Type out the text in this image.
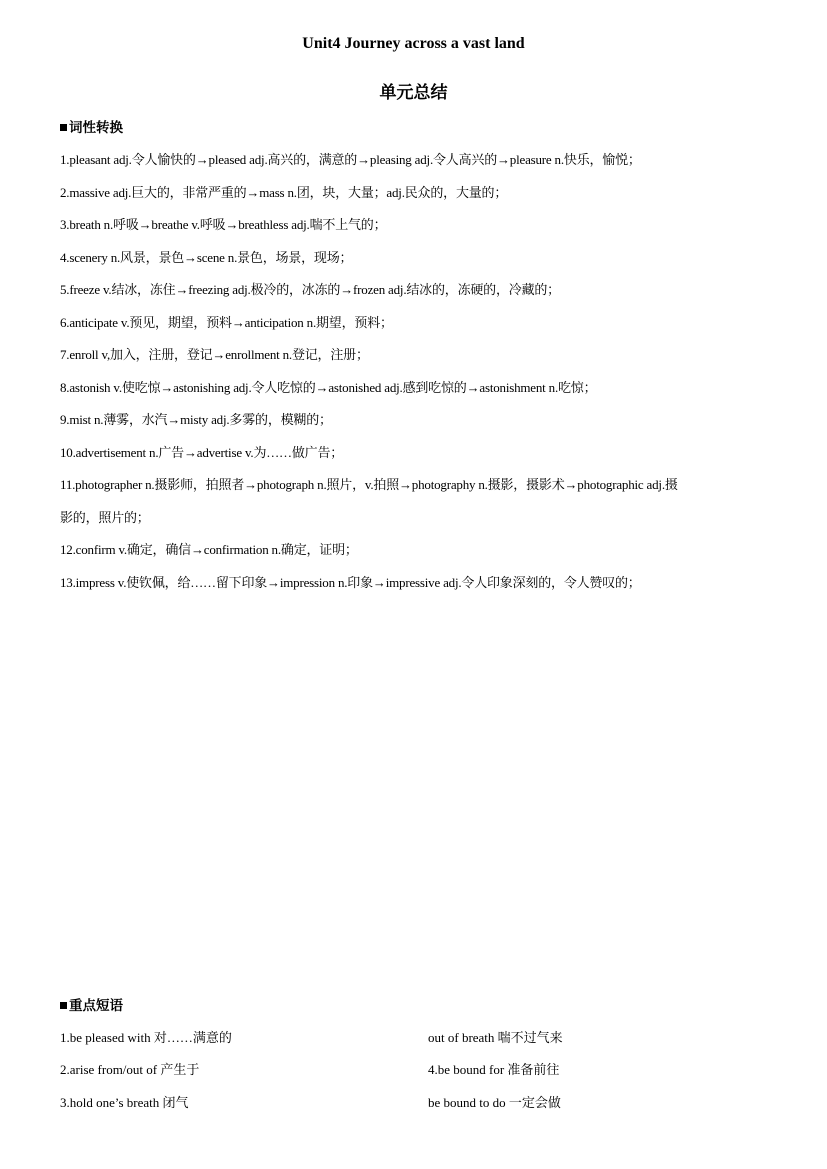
Unit4 Journey across a vast land
单元总结
词性转换
1.pleasant adj.令人愉快的→pleased adj.高兴的，满意的→pleasing adj.令人高兴的→pleasure n.快乐，愉悦；
2.massive adj.巨大的，非常严重的→mass n.团，块，大量；adj.民众的，大量的；
3.breath n.呼吸→breathe v.呼吸→breathless adj.喘不上气的；
4.scenery n.风景，景色→scene n.景色，场景，现场；
5.freeze v.结冰，冻住→freezing adj.极冷的，冰冻的→frozen adj.结冰的，冻硬的，冷藏的；
6.anticipate v.预见，期望，预料→anticipation n.期望，预料；
7.enroll v,加入，注册，登记→enrollment n.登记，注册；
8.astonish v.使吃惊→astonishing adj.令人吃惊的→astonished adj.感到吃惊的→astonishment n.吃惊；
9.mist n.薄雾，水汽→misty adj.多雾的，模糊的；
10.advertisement n.广告→advertise v.为……做广告；
11.photographer n.摄影师，拍照者→photograph n.照片，v.拍照→photography n.摄影，摄影术→photographic adj.摄
影的，照片的；
12.confirm v.确定，确信→confirmation n.确定，证明；
13.impress v.使钦佩，给……留下印象→impression n.印象→impressive adj.令人印象深刻的，令人赞叹的；
重点短语
1.be pleased with 对……满意的	out of breath 喘不过气来
2.arise from/out of 产生于	4.be bound for 准备前往
3.hold one’s breath 闭气	be bound to do 一定会做
